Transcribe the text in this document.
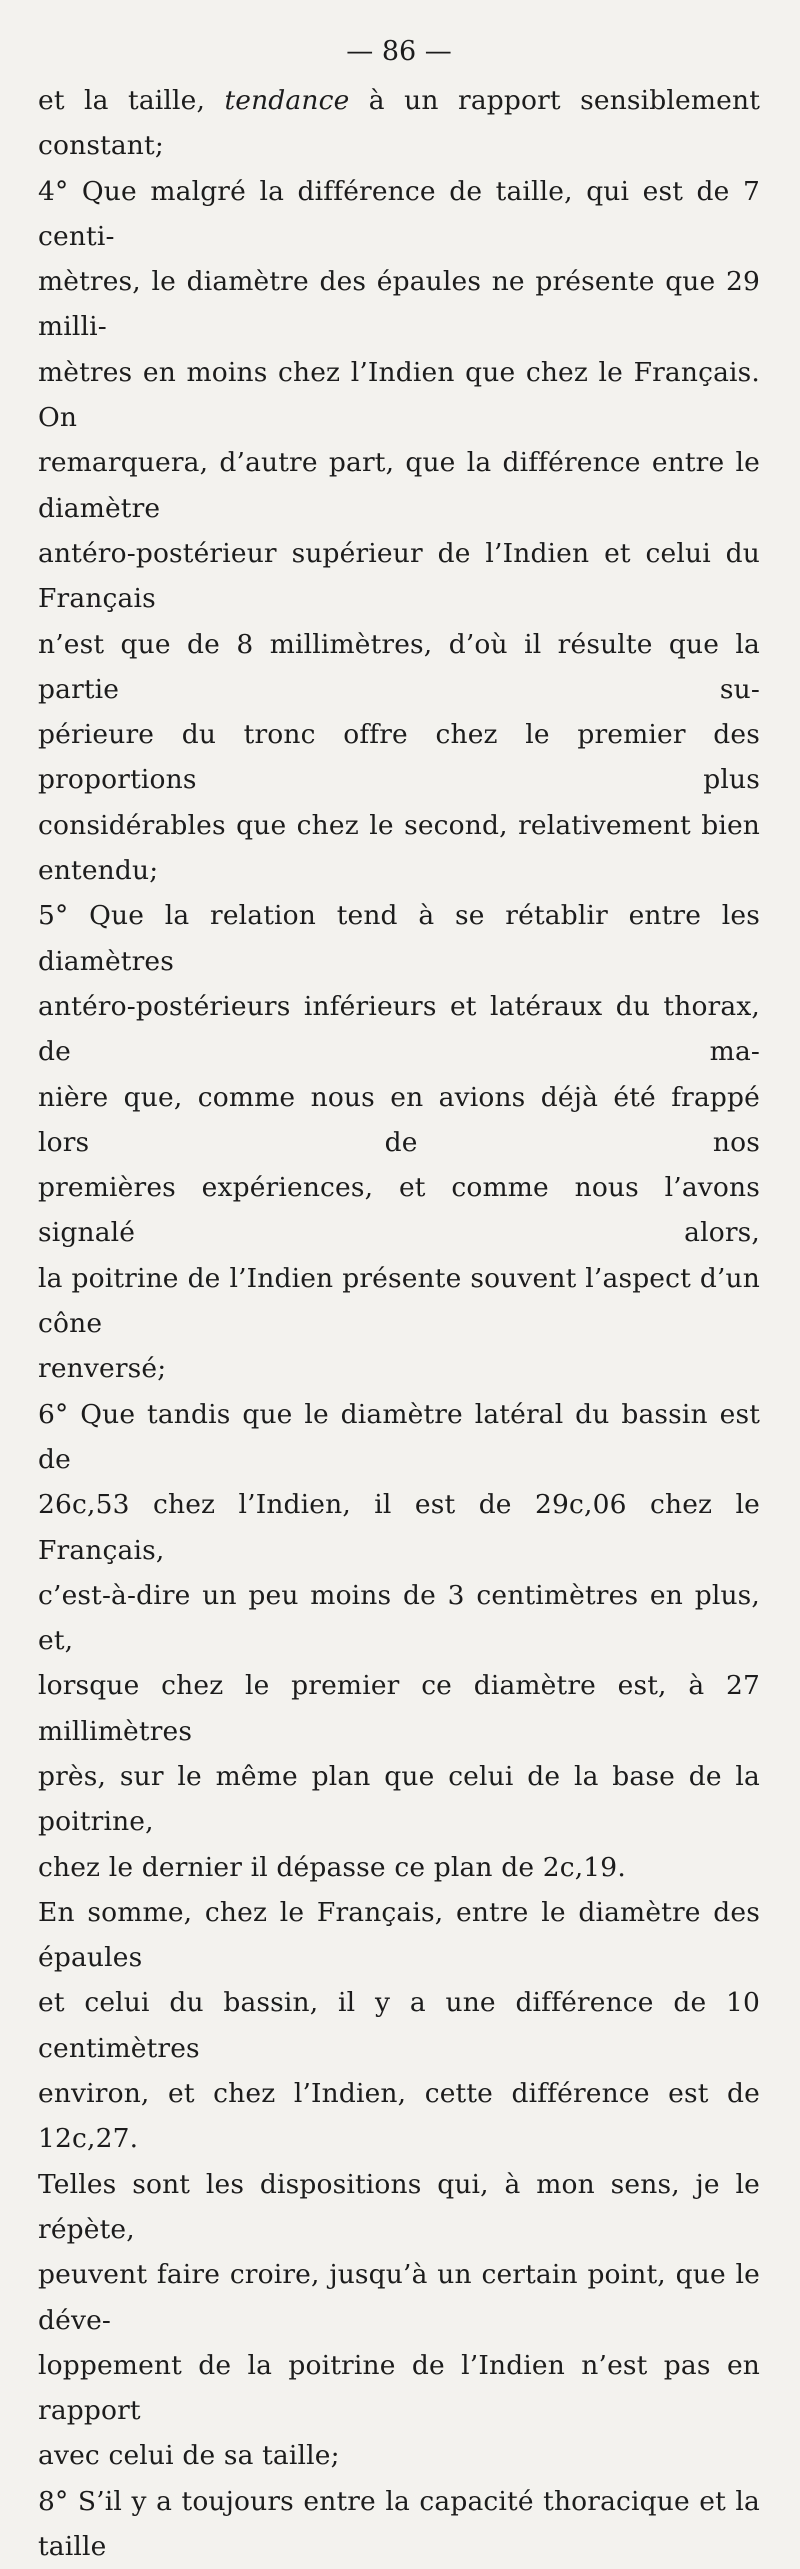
— 86 —
et la taille, tendance à un rapport sensiblement constant;
4° Que malgré la différence de taille, qui est de 7 centi-
mètres, le diamètre des épaules ne présente que 29 milli-
mètres en moins chez l’Indien que chez le Français. On
remarquera, d’autre part, que la différence entre le diamètre
antéro-postérieur supérieur de l’Indien et celui du Français
n’est que de 8 millimètres, d’où il résulte que la partie su-
périeure du tronc offre chez le premier des proportions plus
considérables que chez le second, relativement bien entendu;
5° Que la relation tend à se rétablir entre les diamètres
antéro-postérieurs inférieurs et latéraux du thorax, de ma-
nière que, comme nous en avions déjà été frappé lors de nos
premières expériences, et comme nous l’avons signalé alors,
la poitrine de l’Indien présente souvent l’aspect d’un cône
renversé;
6° Que tandis que le diamètre latéral du bassin est de
26c,53 chez l’Indien, il est de 29c,06 chez le Français,
c’est-à-dire un peu moins de 3 centimètres en plus, et,
lorsque chez le premier ce diamètre est, à 27 millimètres
près, sur le même plan que celui de la base de la poitrine,
chez le dernier il dépasse ce plan de 2c,19.
En somme, chez le Français, entre le diamètre des épaules
et celui du bassin, il y a une différence de 10 centimètres
environ, et chez l’Indien, cette différence est de 12c,27.
Telles sont les dispositions qui, à mon sens, je le répète,
peuvent faire croire, jusqu’à un certain point, que le déve-
loppement de la poitrine de l’Indien n’est pas en rapport
avec celui de sa taille;
8° S’il y a toujours entre la capacité thoracique et la taille
